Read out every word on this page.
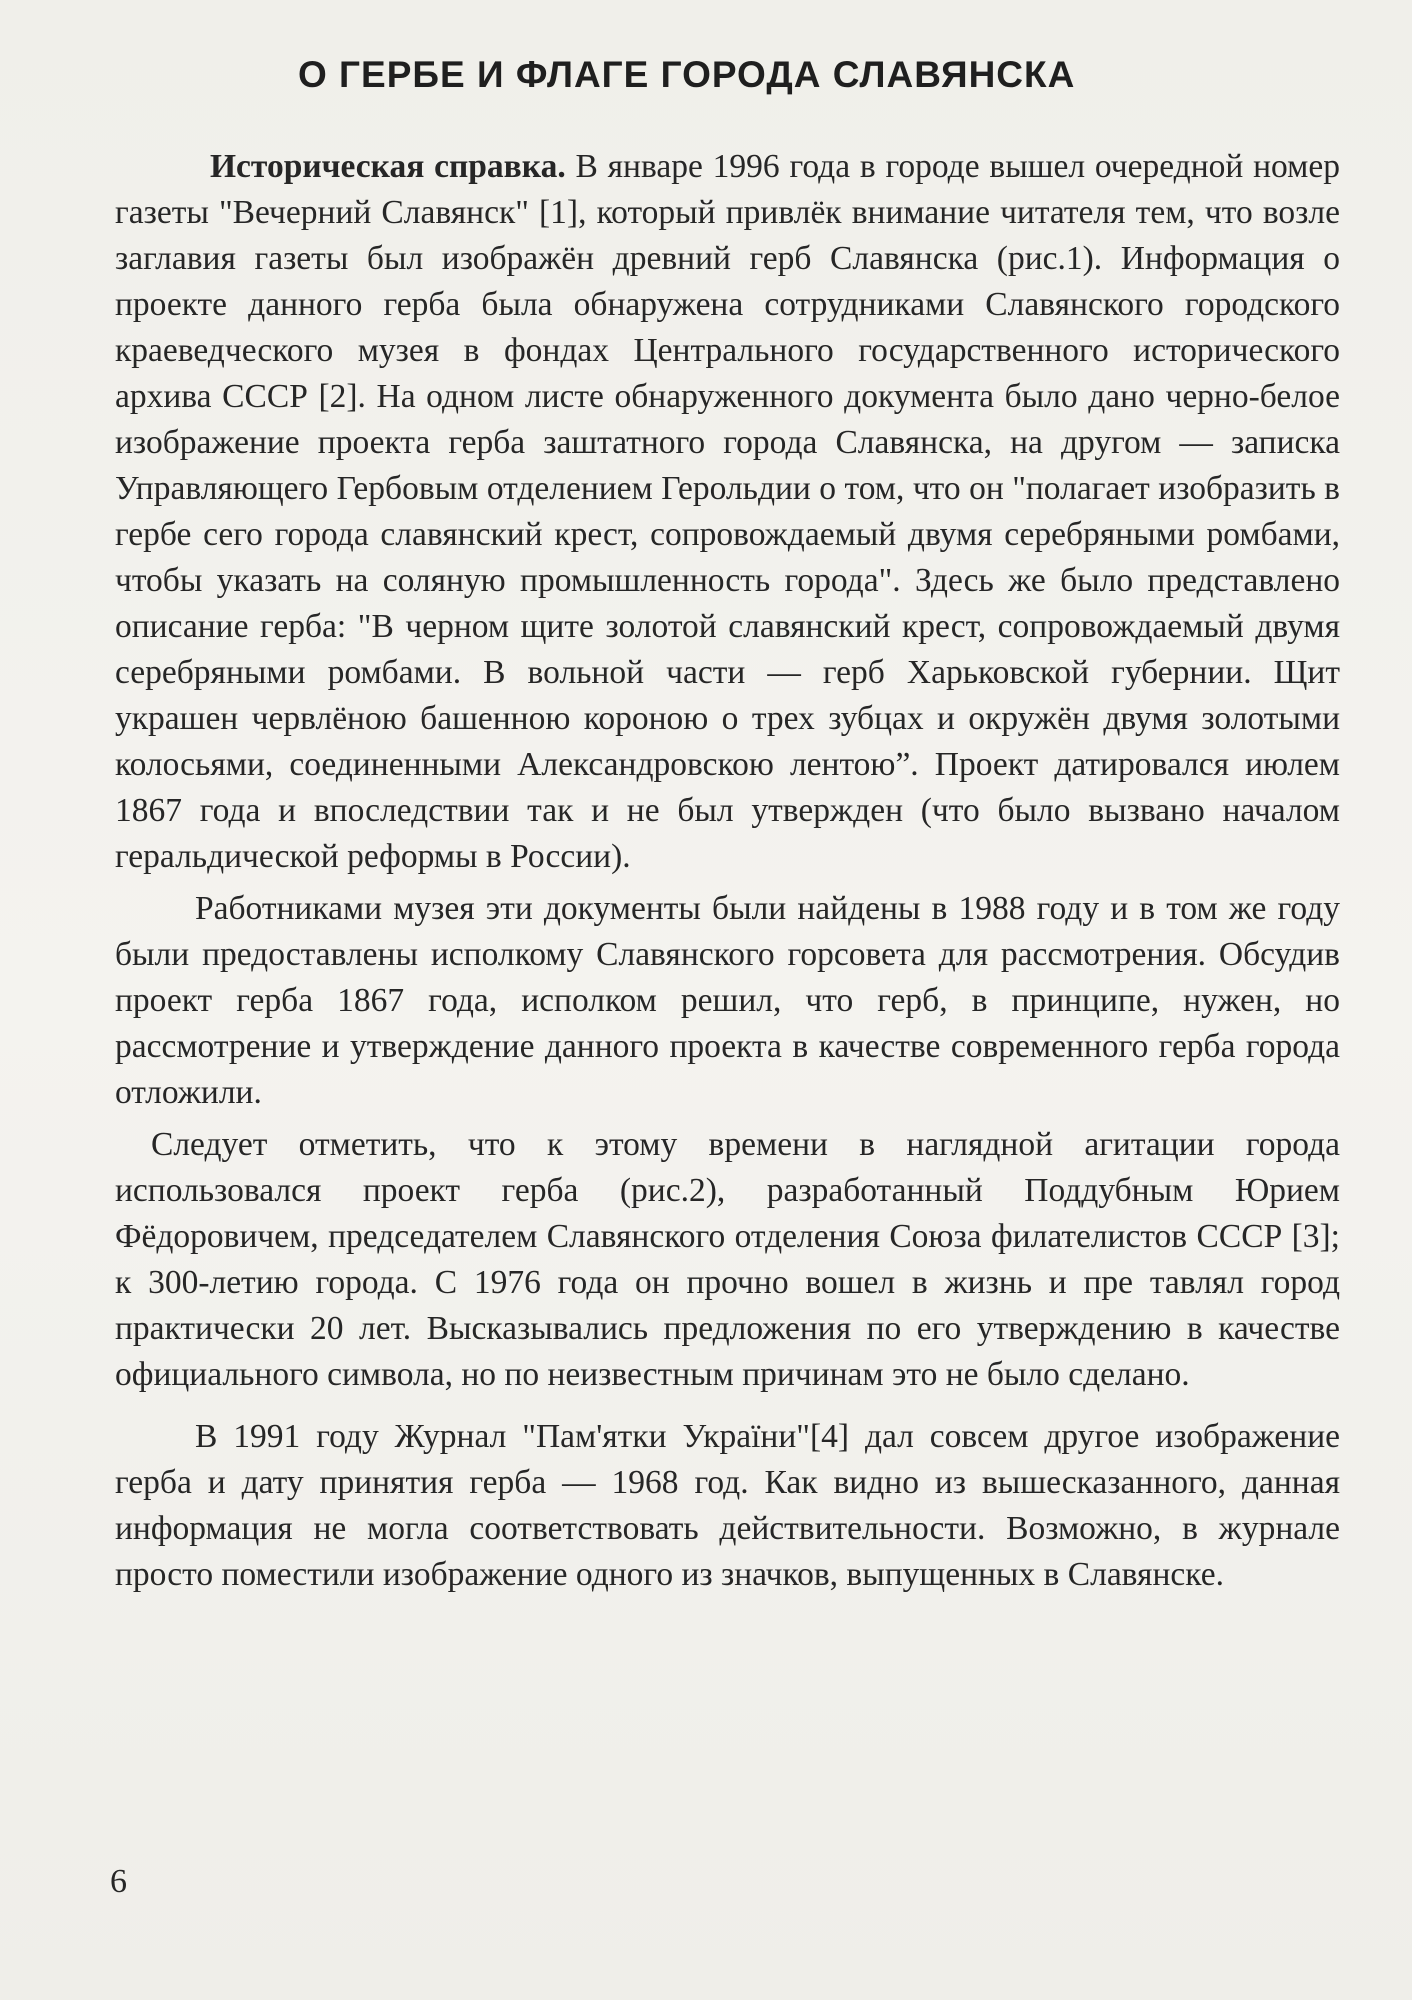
О ГЕРБЕ И ФЛАГЕ ГОРОДА СЛАВЯНСКА

Историческая справка. В январе 1996 года в городе вышел очередной номер газеты "Вечерний Славянск" [1], который привлёк внимание читателя тем, что возле заглавия газеты был изображён древний герб Славянска (рис.1). Информация о проекте данного герба была обнаружена сотрудниками Славянского городского краеведческого музея в фондах Центрального государственного исторического архива СССР [2]. На одном листе обнаруженного документа было дано черно-белое изображение проекта герба заштатного города Славянска, на другом — записка Управляющего Гербовым отделением Герольдии о том, что он "полагает изобразить в гербе сего города славянский крест, сопровождаемый двумя серебряными ромбами, чтобы указать на соляную промышленность города". Здесь же было представлено описание герба: "В черном щите золотой славянский крест, сопровождаемый двумя серебряными ромбами. В вольной части — герб Харьковской губернии. Щит украшен червлёною башенною короною о трех зубцах и окружён двумя золотыми колосьями, соединенными Александровскою лентою”. Проект датировался июлем 1867 года и впоследствии так и не был утвержден (что было вызвано началом геральдической реформы в России).

Работниками музея эти документы были найдены в 1988 году и в том же году были предоставлены исполкому Славянского горсовета для рассмотрения. Обсудив проект герба 1867 года, исполком решил, что герб, в принципе, нужен, но рассмотрение и утверждение данного проекта в качестве современного герба города отложили.

Следует отметить, что к этому времени в наглядной агитации города использовался проект герба (рис.2), разработанный Поддубным Юрием Фёдоровичем, председателем Славянского отделения Союза филателистов СССР [3]; к 300-летию города. С 1976 года он прочно вошел в жизнь и пре тавлял город практически 20 лет. Высказывались предложения по его утверждению в качестве официального символа, но по неизвестным причинам это не было сделано.

В 1991 году Журнал "Пам'ятки України"[4] дал совсем другое изображение герба и дату принятия герба — 1968 год. Как видно из вышесказанного, данная информация не могла соответствовать действительности. Возможно, в журнале просто поместили изображение одного из значков, выпущенных в Славянске.

6
